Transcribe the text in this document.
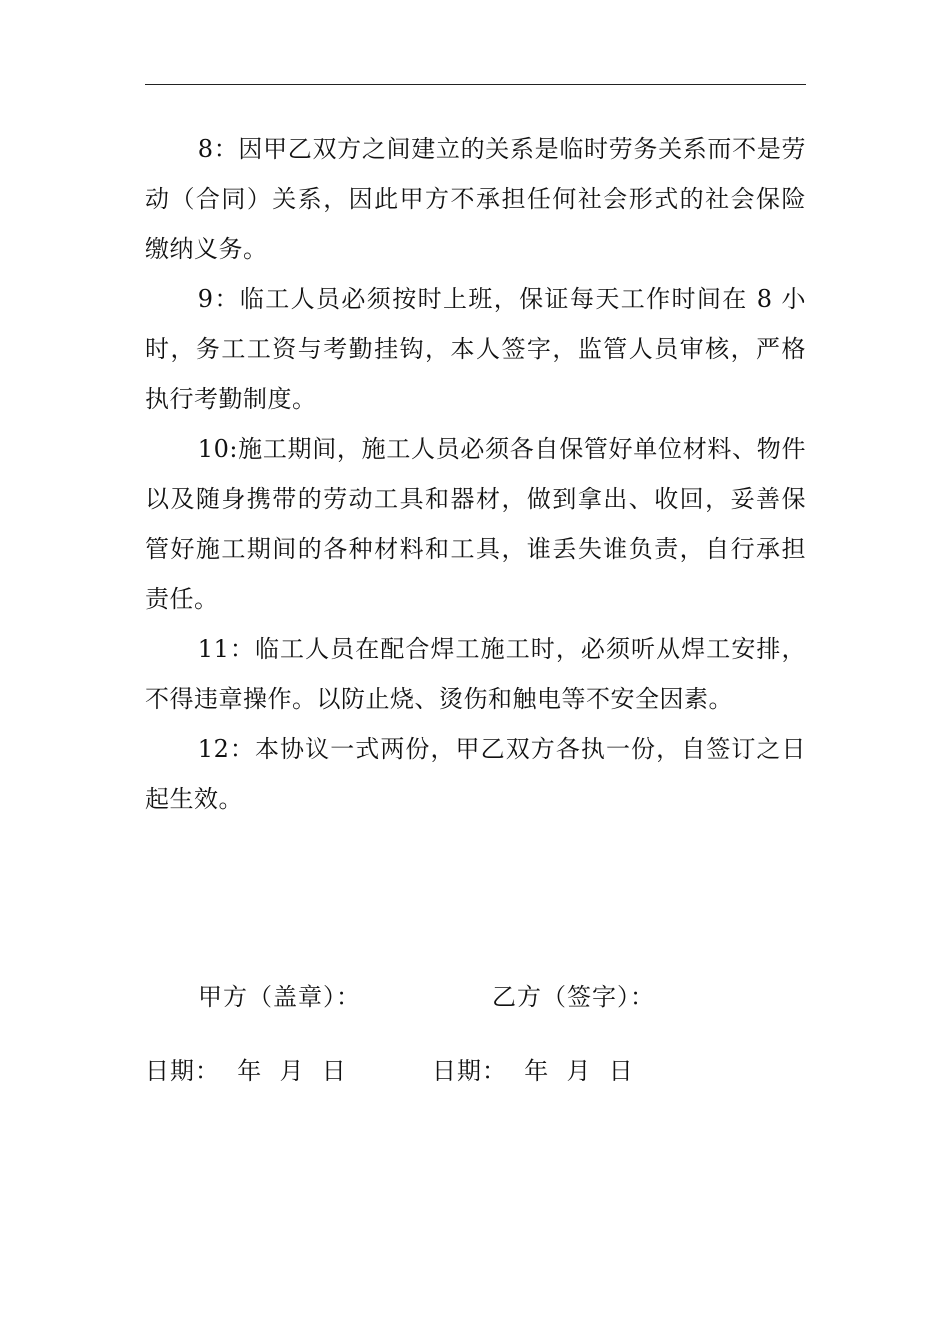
8：因甲乙双方之间建立的关系是临时劳务关系而不是劳动（合同）关系，因此甲方不承担任何社会形式的社会保险缴纳义务。

9：临工人员必须按时上班，保证每天工作时间在 8 小时，务工工资与考勤挂钩，本人签字，监管人员审核，严格执行考勤制度。

10:施工期间，施工人员必须各自保管好单位材料、物件以及随身携带的劳动工具和器材，做到拿出、收回，妥善保管好施工期间的各种材料和工具，谁丢失谁负责，自行承担责任。

11：临工人员在配合焊工施工时，必须听从焊工安排，不得违章操作。以防止烧、烫伤和触电等不安全因素。

12：本协议一式两份，甲乙双方各执一份，自签订之日起生效。

甲方（盖章）：	乙方（签字）：
日期：  年  月  日	日期：  年  月  日
